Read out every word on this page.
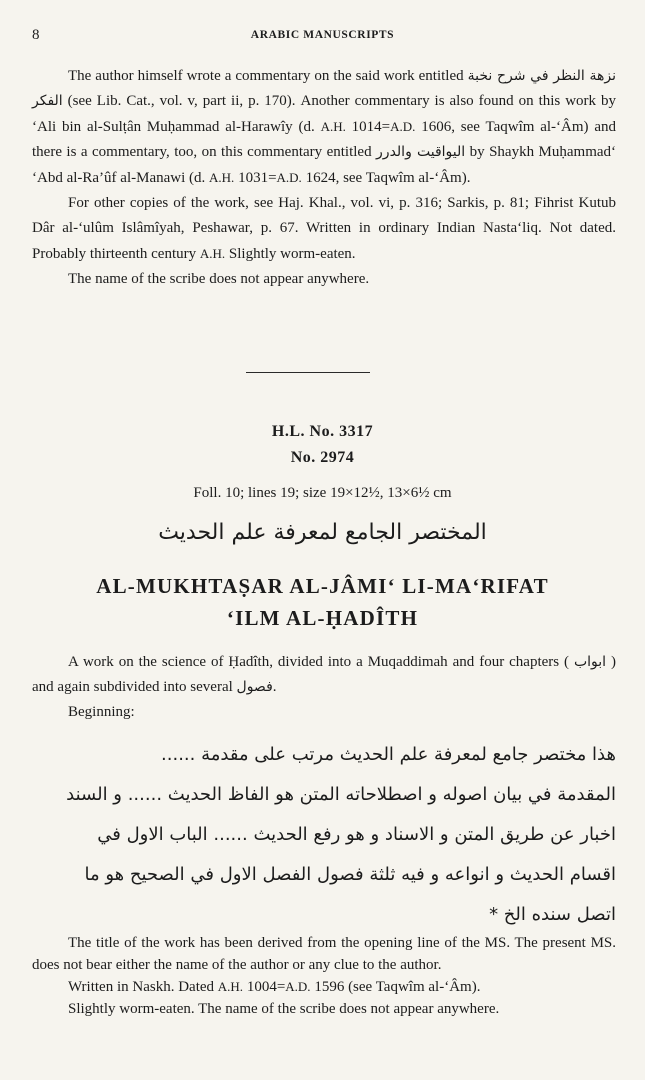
8	ARABIC MANUSCRIPTS

The author himself wrote a commentary on the said work entitled نزهة النظر في شرح نخبة الفكر (see Lib. Cat., vol. v, part ii, p. 170). Another commentary is also found on this work by ‘Ali bin al-Sulṭân Muḥammad al-Harawîy (d. A.H. 1014=A.D. 1606, see Taqwîm al-‘Âm) and there is a commentary, too, on this commentary entitled اليواقيت والدرر by Shaykh Muḥammad‘ ‘Abd al-Ra’ûf al-Manawi (d. A.H. 1031=A.D. 1624, see Taqwîm al-‘Âm).

For other copies of the work, see Haj. Khal., vol. vi, p. 316; Sarkis, p. 81; Fihrist Kutub Dâr al-‘ulûm Islâmîyah, Peshawar, p. 67. Written in ordinary Indian Nasta‘liq. Not dated. Probably thirteenth century A.H. Slightly worm-eaten.

The name of the scribe does not appear anywhere.

H.L. No. 3317
No. 2974
Foll. 10; lines 19; size 19×12½, 13×6½ cm
المختصر الجامع لمعرفة علم الحديث
AL-MUKHTAṢAR AL-JÂMI‘ LI-MA‘RIFAT
‘ILM AL-ḤADÎTH

A work on the science of Ḥadîth, divided into a Muqaddimah and four chapters ( ابواب ) and again subdivided into several فصول.

Beginning:

هذا مختصر جامع لمعرفة علم الحديث مرتب على مقدمة ......
المقدمة في بيان اصوله و اصطلاحاته المتن هو الفاظ الحديث ...... و السند
اخبار عن طريق المتن و الاسناد و هو رفع الحديث ...... الباب الاول في
اقسام الحديث و انواعه و فيه ثلثة فصول الفصل الاول في الصحيح هو ما
اتصل سنده الخ *

The title of the work has been derived from the opening line of the MS. The present MS. does not bear either the name of the author or any clue to the author.

Written in Naskh. Dated A.H. 1004=A.D. 1596 (see Taqwîm al-‘Âm).

Slightly worm-eaten. The name of the scribe does not appear anywhere.
